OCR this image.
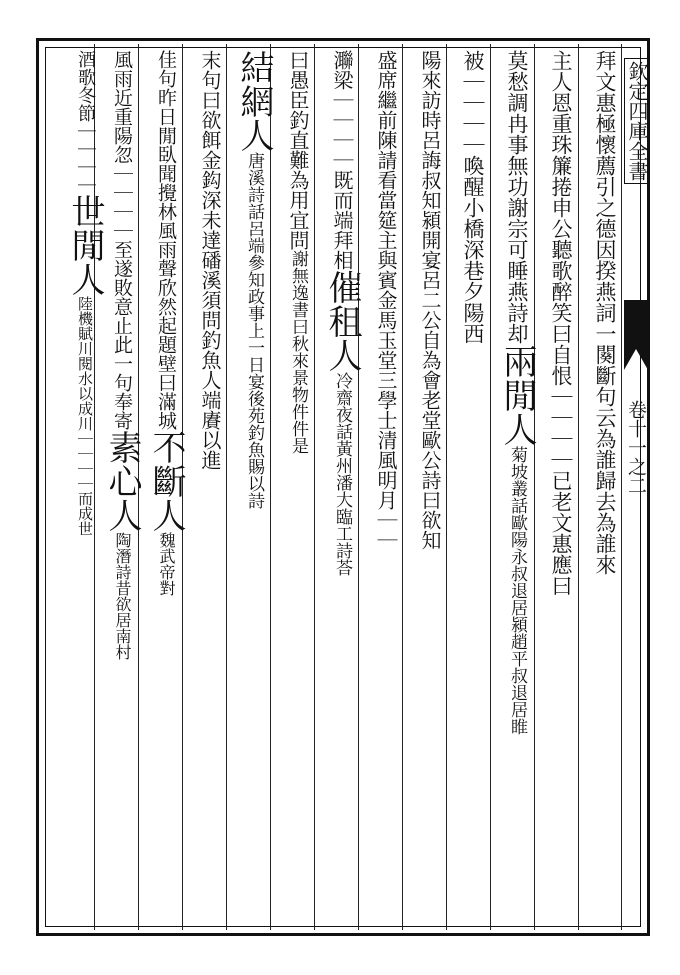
欽定四庫全書
卷十一之二
拜文惠極懷薦引之德因揆燕詞一闋斷句云為誰歸去為誰來
主人恩重珠簾捲申公聽歌醉笑曰自恨｜｜｜｜已老文惠應曰
莫愁調冉事無功謝宗可睡燕詩却兩閒人菊坡叢話歐陽永叔退居潁趙平叔退居睢
被｜｜｜｜喚醒小橋深巷夕陽西
陽來訪時呂誨叔知潁開宴呂二公自為會老堂歐公詩曰欲知
盛席繼前陳請看當筵主與賓金馬玉堂三學士清風明月｜｜
㶌梁｜｜｜｜既而端拜相催租人冷齋夜話黃州潘大臨工詩荅
曰愚臣釣直難為用宜問謝無逸書曰秋來景物件件是
結網人唐溪詩話呂端參知政事上一日宴後苑釣魚賜以詩
末句曰欲餌金鈎深未達磻溪須問釣魚人端賡以進
佳句昨日閒臥聞攪林風雨聲欣然起題壁曰滿城不斷人魏武帝對
風雨近重陽忽｜｜｜｜至遂敗意止此一句奉寄素心人陶潛詩昔欲居南村
酒歌冬節｜｜｜｜世閒人陸機賦川閱水以成川｜｜｜｜而成世
